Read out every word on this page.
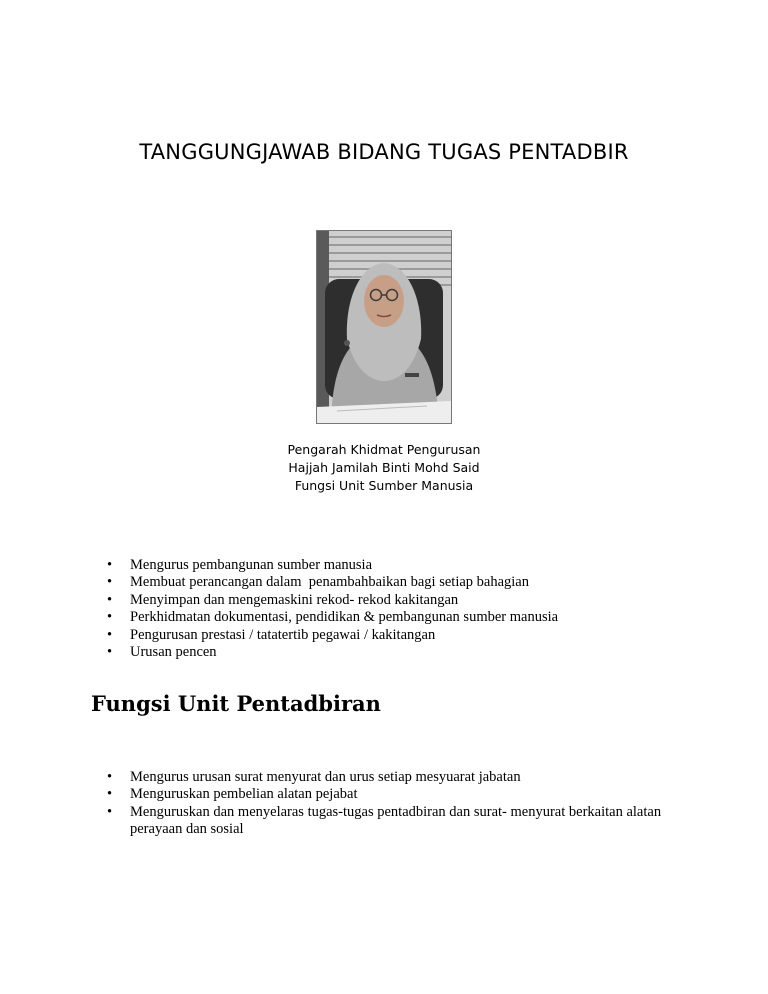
TANGGUNGJAWAB BIDANG TUGAS PENTADBIR
Pengarah Khidmat Pengurusan
Hajjah Jamilah Binti Mohd Said
Fungsi Unit Sumber Manusia
• Mengurus pembangunan sumber manusia
• Membuat perancangan dalam  penambahbaikan bagi setiap bahagian
• Menyimpan dan mengemaskini rekod- rekod kakitangan
• Perkhidmatan dokumentasi, pendidikan & pembangunan sumber manusia
• Pengurusan prestasi / tatatertib pegawai / kakitangan
• Urusan pencen
Fungsi Unit Pentadbiran
• Mengurus urusan surat menyurat dan urus setiap mesyuarat jabatan
• Menguruskan pembelian alatan pejabat
• Menguruskan dan menyelaras tugas-tugas pentadbiran dan surat- menyurat berkaitan alatan perayaan dan sosial
